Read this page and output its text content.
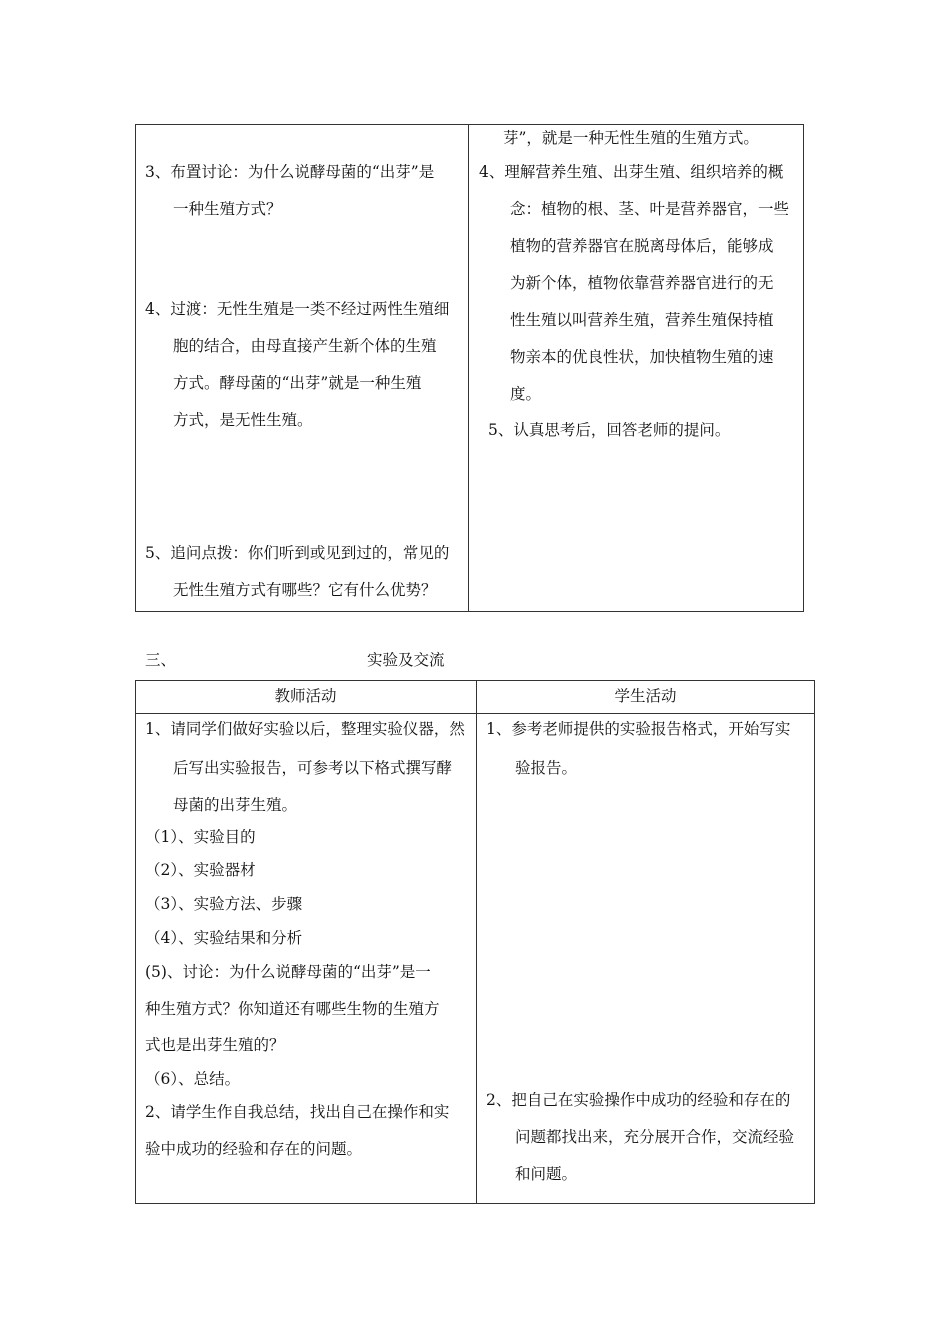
3、布置讨论：为什么说酵母菌的“出芽”是
一种生殖方式？
4、过渡：无性生殖是一类不经过两性生殖细
胞的结合，由母直接产生新个体的生殖
方式。酵母菌的“出芽”就是一种生殖
方式，是无性生殖。
5、追问点拨：你们听到或见到过的，常见的
无性生殖方式有哪些？它有什么优势？
芽”，就是一种无性生殖的生殖方式。
4、理解营养生殖、出芽生殖、组织培养的概
念：植物的根、茎、叶是营养器官，一些
植物的营养器官在脱离母体后，能够成
为新个体，植物依靠营养器官进行的无
性生殖以叫营养生殖，营养生殖保持植
物亲本的优良性状，加快植物生殖的速
度。
5、认真思考后，回答老师的提问。
三、	实验及交流
教师活动	学生活动
1、请同学们做好实验以后，整理实验仪器，然
后写出实验报告，可参考以下格式撰写酵
母菌的出芽生殖。
（1）、实验目的
（2）、实验器材
（3）、实验方法、步骤
（4）、实验结果和分析
(5)、讨论：为什么说酵母菌的“出芽”是一
种生殖方式？你知道还有哪些生物的生殖方
式也是出芽生殖的？
（6）、总结。
2、请学生作自我总结，找出自己在操作和实
验中成功的经验和存在的问题。
1、参考老师提供的实验报告格式，开始写实
验报告。
2、把自己在实验操作中成功的经验和存在的
问题都找出来，充分展开合作，交流经验
和问题。
